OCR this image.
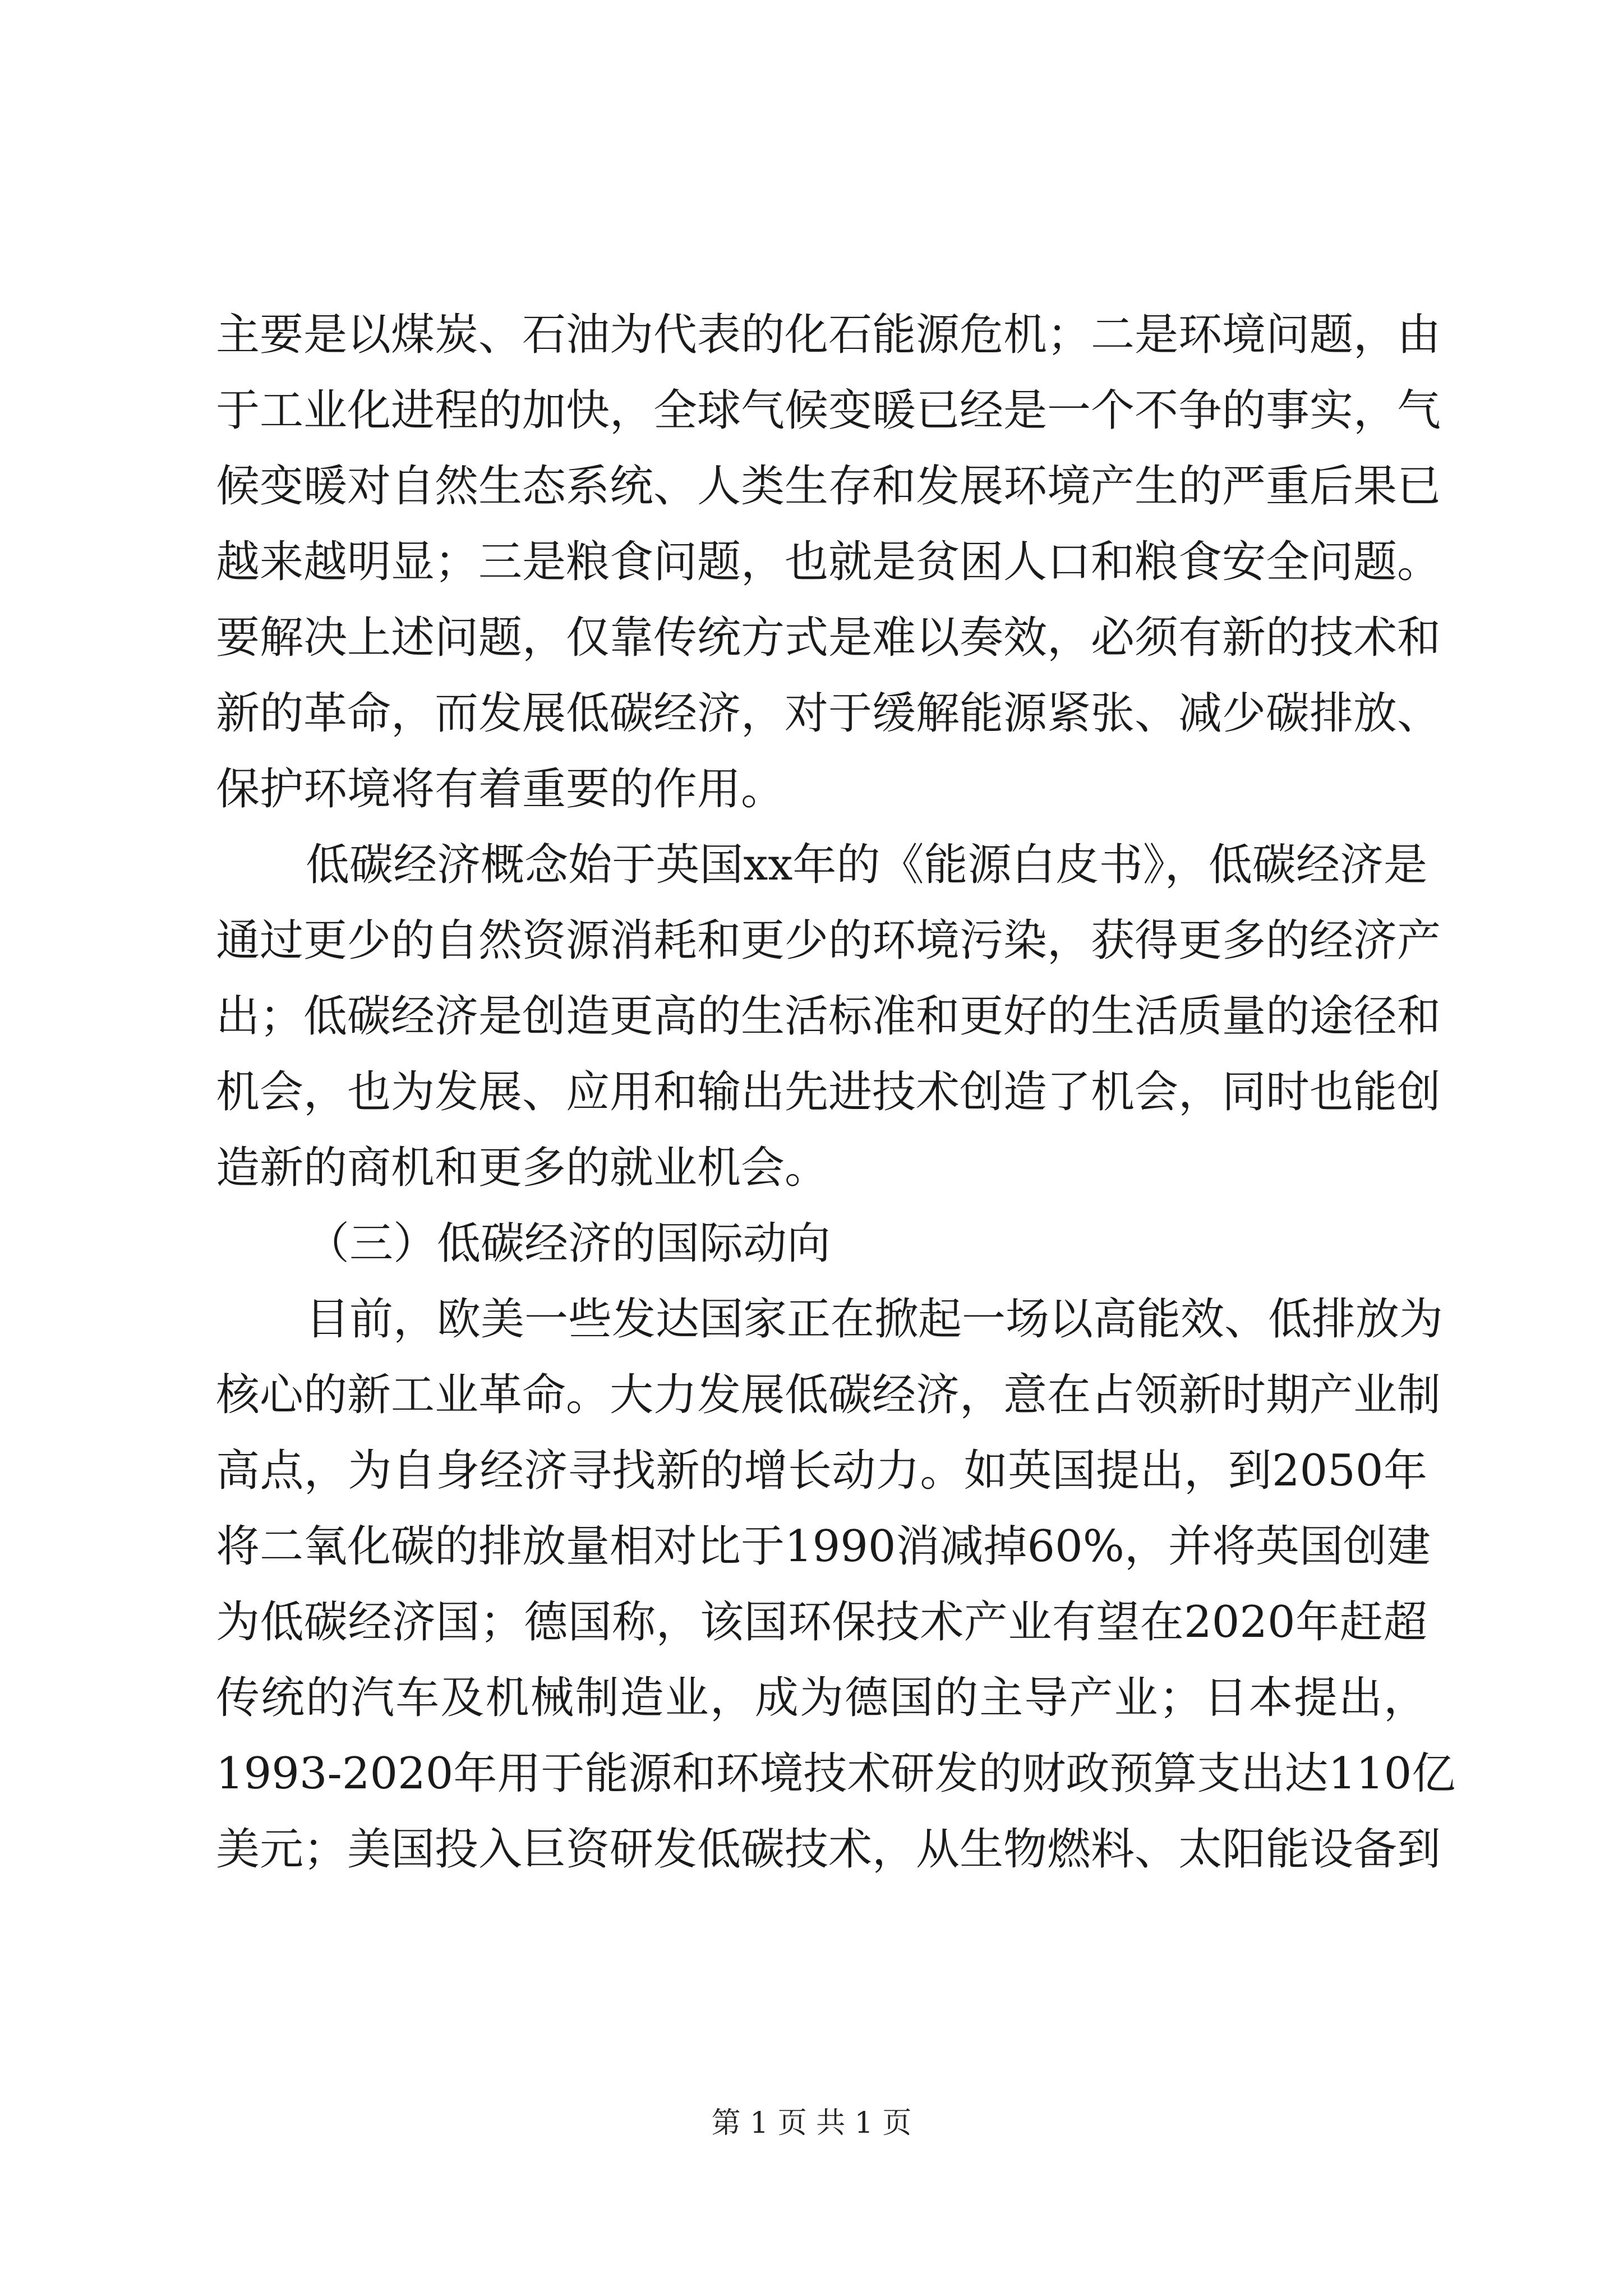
主要是以煤炭、石油为代表的化石能源危机；二是环境问题，由
于工业化进程的加快，全球气候变暖已经是一个不争的事实，气
候变暖对自然生态系统、人类生存和发展环境产生的严重后果已
越来越明显；三是粮食问题，也就是贫困人口和粮食安全问题。
要解决上述问题，仅靠传统方式是难以奏效，必须有新的技术和
新的革命，而发展低碳经济，对于缓解能源紧张、减少碳排放、
保护环境将有着重要的作用。
低碳经济概念始于英国xx年的《能源白皮书》，低碳经济是
通过更少的自然资源消耗和更少的环境污染，获得更多的经济产
出；低碳经济是创造更高的生活标准和更好的生活质量的途径和
机会，也为发展、应用和输出先进技术创造了机会，同时也能创
造新的商机和更多的就业机会。
（三）低碳经济的国际动向
目前，欧美一些发达国家正在掀起一场以高能效、低排放为
核心的新工业革命。大力发展低碳经济，意在占领新时期产业制
高点，为自身经济寻找新的增长动力。如英国提出，到2050年
将二氧化碳的排放量相对比于1990消减掉60%，并将英国创建
为低碳经济国；德国称，该国环保技术产业有望在2020年赶超
传统的汽车及机械制造业，成为德国的主导产业；日本提出，
1993-2020年用于能源和环境技术研发的财政预算支出达110亿
美元；美国投入巨资研发低碳技术，从生物燃料、太阳能设备到
第 1 页 共 1 页
